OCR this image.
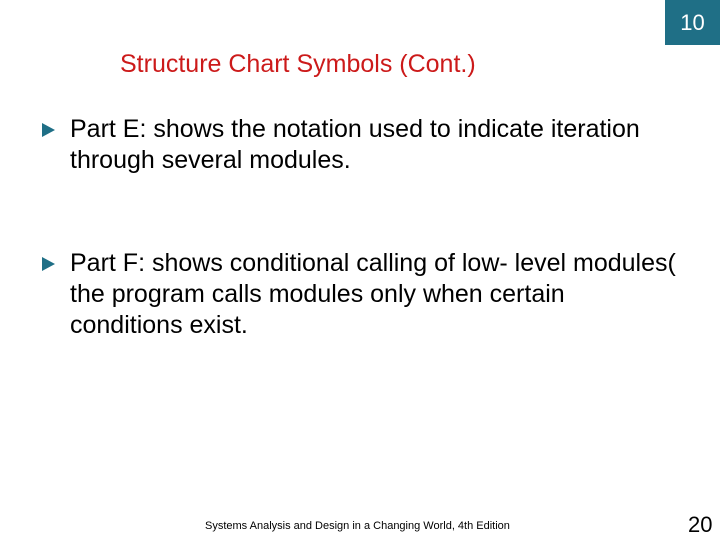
10
Structure Chart Symbols (Cont.)
Part E: shows the notation used to indicate iteration through several modules.
Part F: shows conditional calling of low- level modules( the program calls modules only when certain conditions exist.
Systems Analysis and Design in a Changing World, 4th Edition	20
